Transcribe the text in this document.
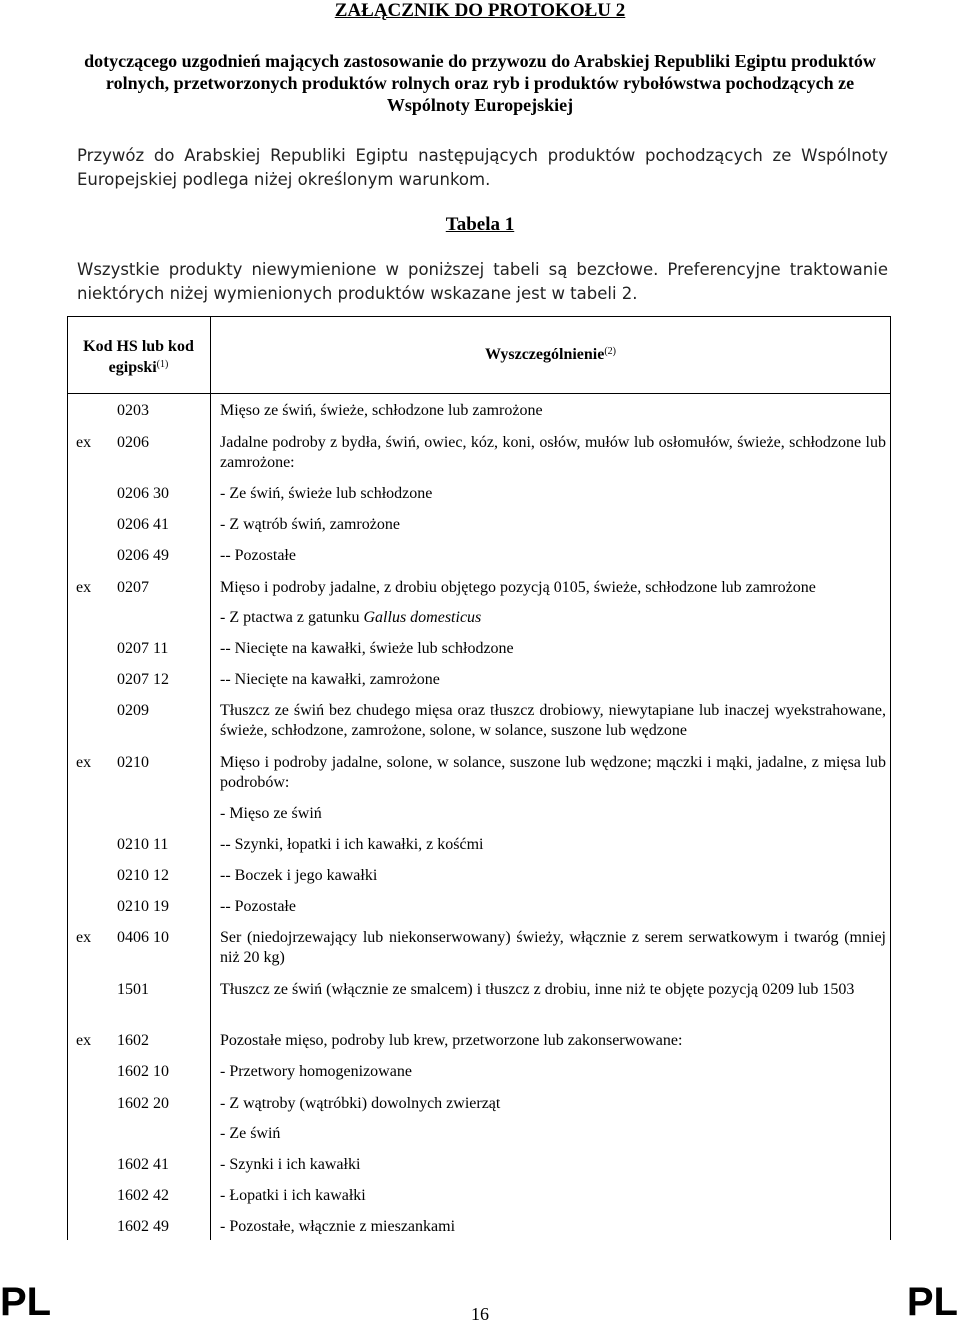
ZAŁĄCZNIK DO PROTOKOŁU 2
dotyczącego uzgodnień mających zastosowanie do przywozu do Arabskiej Republiki Egiptu produktów rolnych, przetworzonych produktów rolnych oraz ryb i produktów rybołówstwa pochodzących ze Wspólnoty Europejskiej
Przywóz do Arabskiej Republiki Egiptu następujących produktów pochodzących ze Wspólnoty Europejskiej podlega niżej określonym warunkom.
Tabela 1
Wszystkie produkty niewymienione w poniższej tabeli są bezcłowe. Preferencyjne traktowanie niektórych niżej wymienionych produktów wskazane jest w tabeli 2.
Kod HS lub kod egipski$^{(1)}$
Wyszczególnienie$^{(2)}$
0203	Mięso ze świń, świeże, schłodzone lub zamrożone
ex 0206	Jadalne podroby z bydła, świń, owiec, kóz, koni, osłów, mułów lub osłomułów, świeże, schłodzone lub zamrożone:
0206 30	- Ze świń, świeże lub schłodzone
0206 41	- Z wątrób świń, zamrożone
0206 49	-- Pozostałe
ex 0207	Mięso i podroby jadalne, z drobiu objętego pozycją 0105, świeże, schłodzone lub zamrożone
- Z ptactwa z gatunku Gallus domesticus
0207 11	-- Niecięte na kawałki, świeże lub schłodzone
0207 12	-- Niecięte na kawałki, zamrożone
0209	Tłuszcz ze świń bez chudego mięsa oraz tłuszcz drobiowy, niewytapiane lub inaczej wyekstrahowane, świeże, schłodzone, zamrożone, solone, w solance, suszone lub wędzone
ex 0210	Mięso i podroby jadalne, solone, w solance, suszone lub wędzone; mączki i mąki, jadalne, z mięsa lub podrobów:
- Mięso ze świń
0210 11	-- Szynki, łopatki i ich kawałki, z kośćmi
0210 12	-- Boczek i jego kawałki
0210 19	-- Pozostałe
ex 0406 10	Ser (niedojrzewający lub niekonserwowany) świeży, włącznie z serem serwatkowym i twaróg (mniej niż 20 kg)
1501	Tłuszcz ze świń (włącznie ze smalcem) i tłuszcz z drobiu, inne niż te objęte pozycją 0209 lub 1503
ex 1602	Pozostałe mięso, podroby lub krew, przetworzone lub zakonserwowane:
1602 10	- Przetwory homogenizowane
1602 20	- Z wątroby (wątróbki) dowolnych zwierząt
- Ze świń
1602 41	- Szynki i ich kawałki
1602 42	- Łopatki i ich kawałki
1602 49	- Pozostałe, włącznie z mieszankami
PL	16	PL
